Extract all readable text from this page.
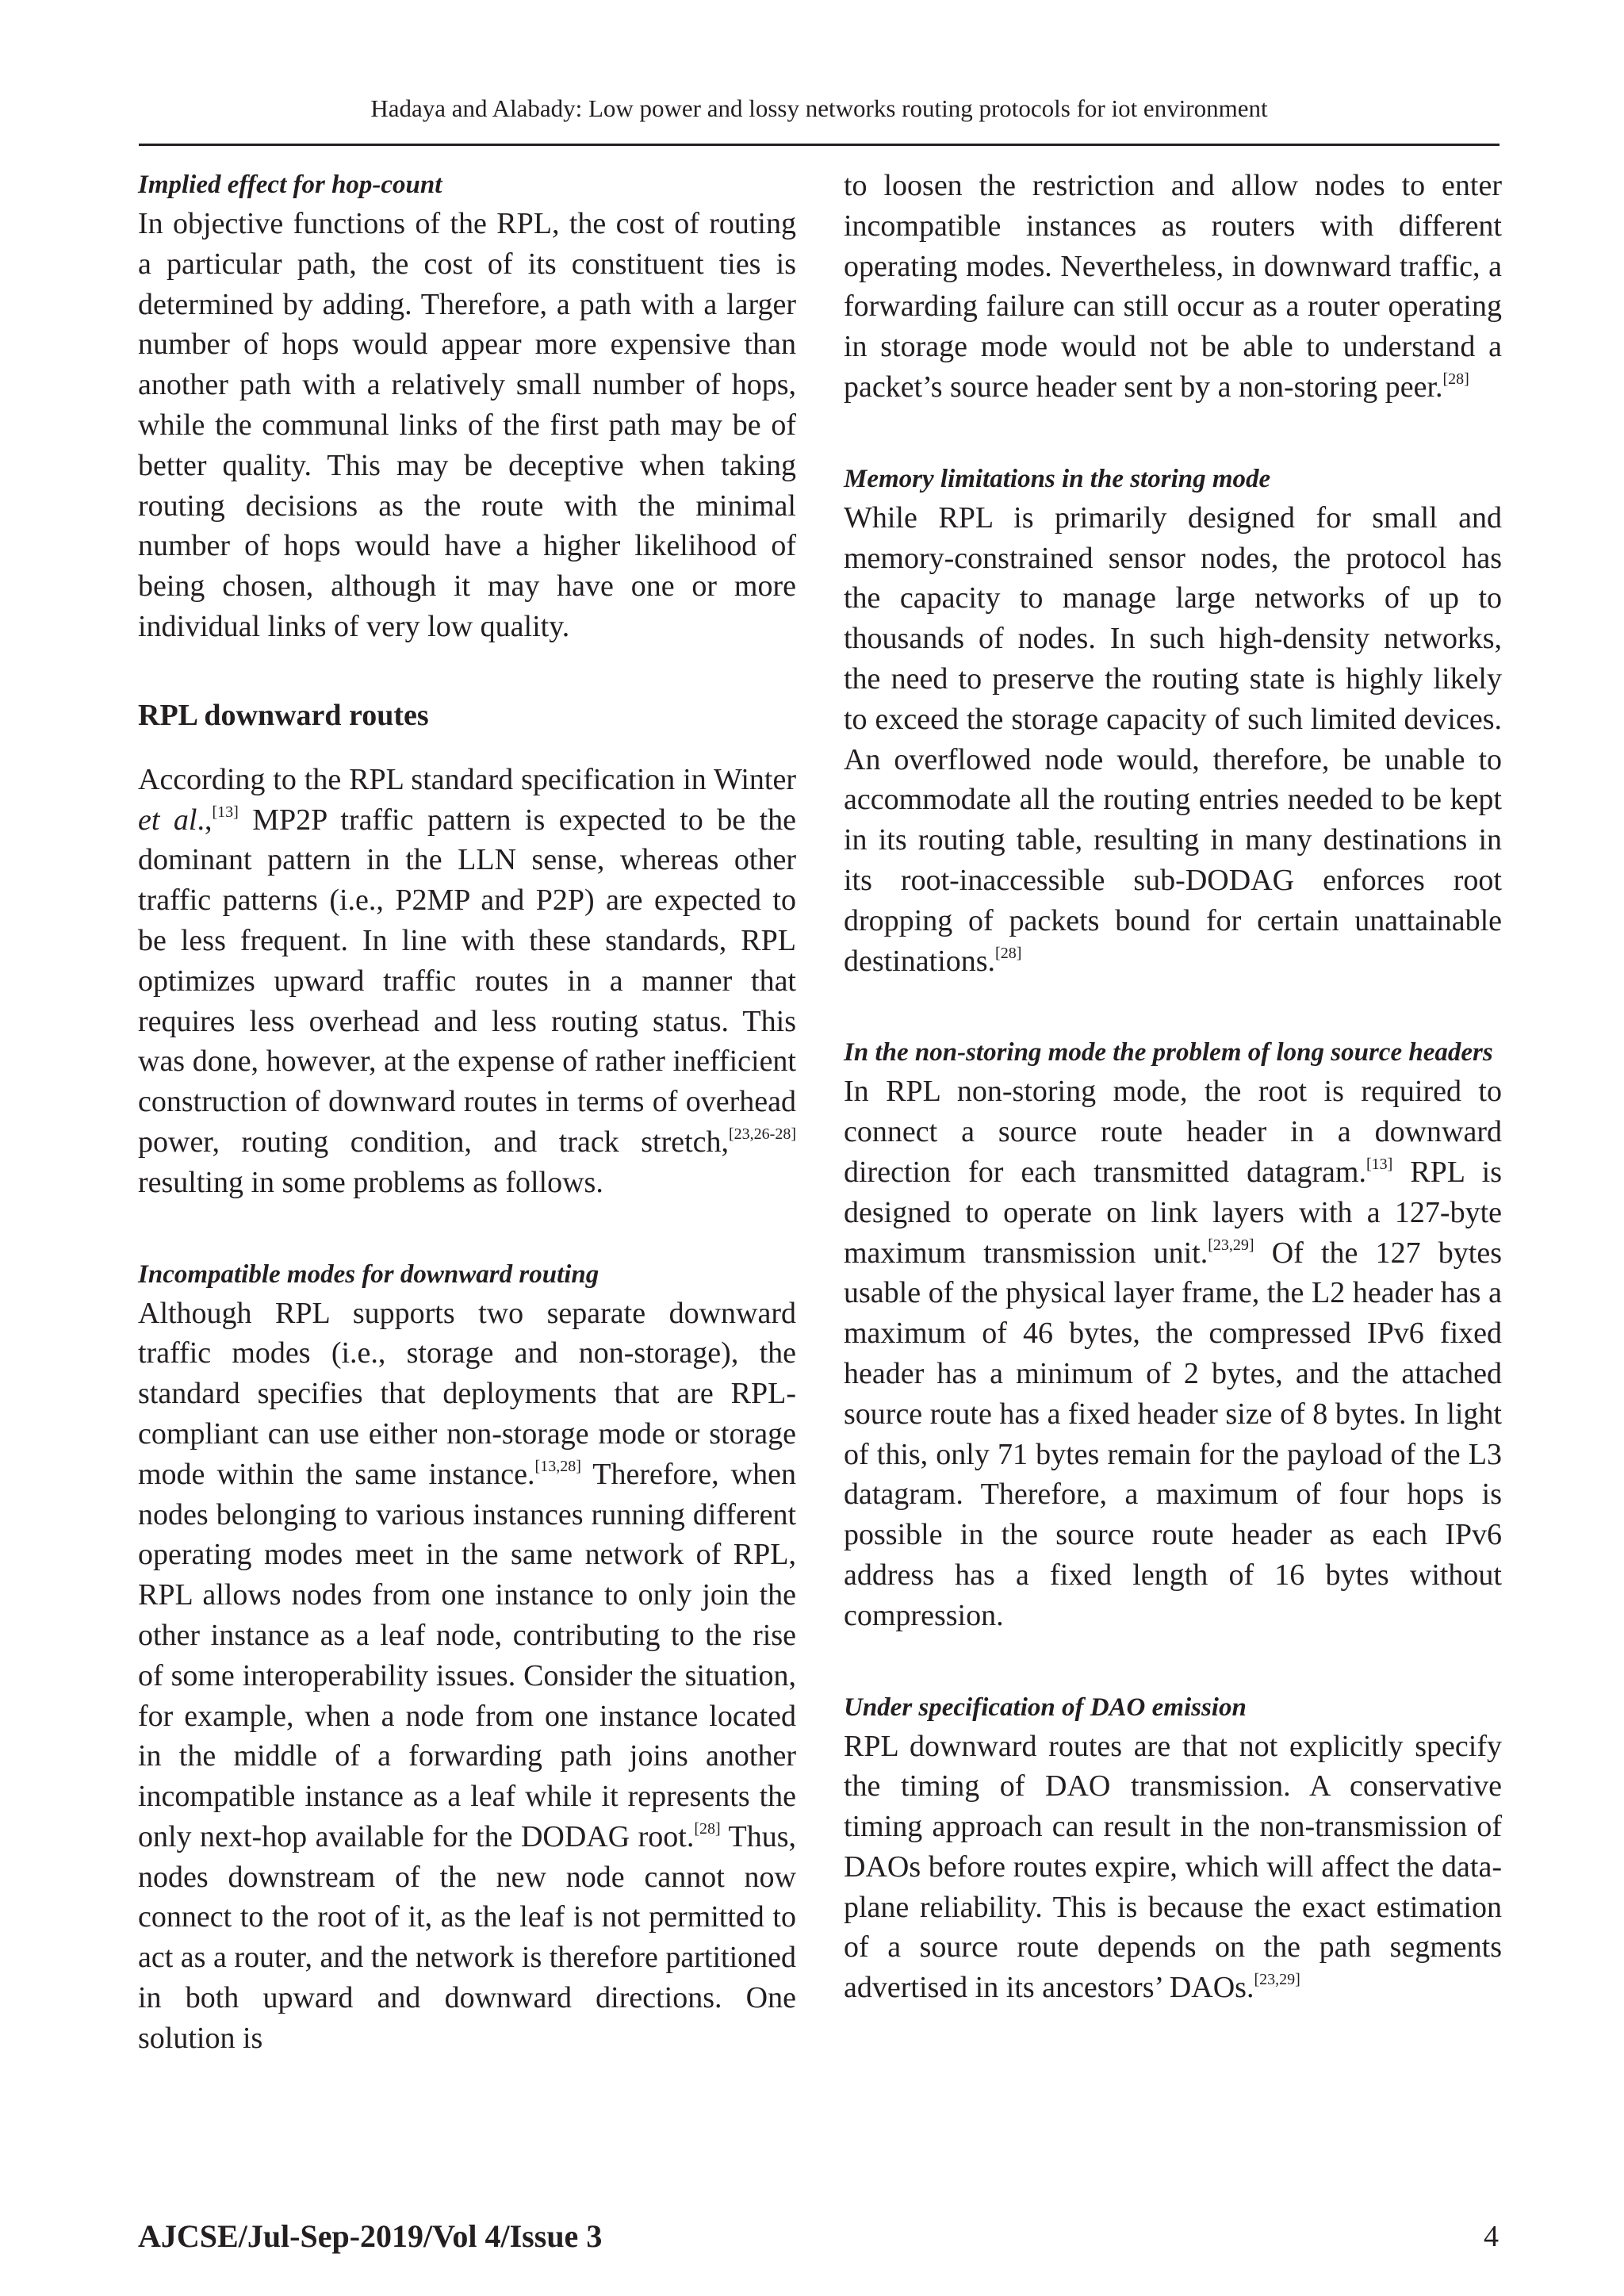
Hadaya and Alabady: Low power and lossy networks routing protocols for iot environment
Implied effect for hop-count

In objective functions of the RPL, the cost of routing a particular path, the cost of its constituent ties is determined by adding. Therefore, a path with a larger number of hops would appear more expensive than another path with a relatively small number of hops, while the communal links of the first path may be of better quality. This may be deceptive when taking routing decisions as the route with the minimal number of hops would have a higher likelihood of being chosen, although it may have one or more individual links of very low quality.

RPL downward routes

According to the RPL standard specification in Winter et al.,[13] MP2P traffic pattern is expected to be the dominant pattern in the LLN sense, whereas other traffic patterns (i.e., P2MP and P2P) are expected to be less frequent. In line with these standards, RPL optimizes upward traffic routes in a manner that requires less overhead and less routing status. This was done, however, at the expense of rather inefficient construction of downward routes in terms of overhead power, routing condition, and track stretch,[23,26-28] resulting in some problems as follows.

Incompatible modes for downward routing

Although RPL supports two separate downward traffic modes (i.e., storage and non-storage), the standard specifies that deployments that are RPL-compliant can use either non-storage mode or storage mode within the same instance.[13,28] Therefore, when nodes belonging to various instances running different operating modes meet in the same network of RPL, RPL allows nodes from one instance to only join the other instance as a leaf node, contributing to the rise of some interoperability issues. Consider the situation, for example, when a node from one instance located in the middle of a forwarding path joins another incompatible instance as a leaf while it represents the only next-hop available for the DODAG root.[28] Thus, nodes downstream of the new node cannot now connect to the root of it, as the leaf is not permitted to act as a router, and the network is therefore partitioned in both upward and downward directions. One solution is

to loosen the restriction and allow nodes to enter incompatible instances as routers with different operating modes. Nevertheless, in downward traffic, a forwarding failure can still occur as a router operating in storage mode would not be able to understand a packet’s source header sent by a non-storing peer.[28]

Memory limitations in the storing mode

While RPL is primarily designed for small and memory-constrained sensor nodes, the protocol has the capacity to manage large networks of up to thousands of nodes. In such high-density networks, the need to preserve the routing state is highly likely to exceed the storage capacity of such limited devices. An overflowed node would, therefore, be unable to accommodate all the routing entries needed to be kept in its routing table, resulting in many destinations in its root-inaccessible sub-DODAG enforces root dropping of packets bound for certain unattainable destinations.[28]

In the non-storing mode the problem of long source headers

In RPL non-storing mode, the root is required to connect a source route header in a downward direction for each transmitted datagram.[13] RPL is designed to operate on link layers with a 127-byte maximum transmission unit.[23,29] Of the 127 bytes usable of the physical layer frame, the L2 header has a maximum of 46 bytes, the compressed IPv6 fixed header has a minimum of 2 bytes, and the attached source route has a fixed header size of 8 bytes. In light of this, only 71 bytes remain for the payload of the L3 datagram. Therefore, a maximum of four hops is possible in the source route header as each IPv6 address has a fixed length of 16 bytes without compression.

Under specification of DAO emission

RPL downward routes are that not explicitly specify the timing of DAO transmission. A conservative timing approach can result in the non-transmission of DAOs before routes expire, which will affect the data-plane reliability. This is because the exact estimation of a source route depends on the path segments advertised in its ancestors’ DAOs.[23,29]

AJCSE/Jul-Sep-2019/Vol 4/Issue 3	4
